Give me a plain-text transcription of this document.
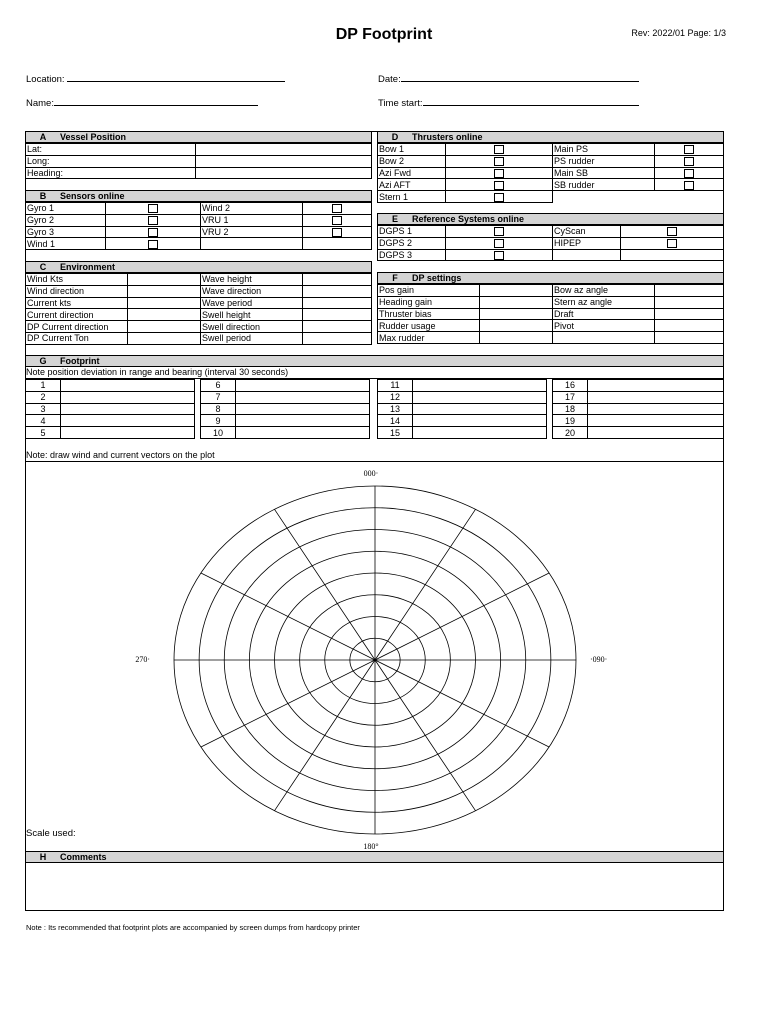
DP Footprint	Rev: 2022/01 Page: 1/3
Location:	Date:
Name:	Time start:
A Vessel Position
Lat:	
Long:	
Heading:	
B Sensors online
Gyro 1		Wind 2	
Gyro 2		VRU 1	
Gyro 3		VRU 2	
Wind 1			
C Environment
Wind Kts		Wave height	
Wind direction		Wave direction	
Current kts		Wave period	
Current direction		Swell height	
DP Current direction		Swell direction	
DP Current Ton		Swell period	
D Thrusters online
Bow 1		Main PS	
Bow 2		PS rudder	
Azi Fwd		Main SB	
Azi AFT		SB rudder	
Stern 1			
E Reference Systems online
DGPS 1		CyScan	
DGPS 2		HIPEP	
DGPS 3			
F DP settings
Pos gain		Bow az angle	
Heading gain		Stern az angle	
Thruster bias		Draft	
Rudder usage		Pivot	
Max rudder			
G Footprint
Note position deviation in range and bearing (interval 30 seconds)
1	
2	
3	
4	
5	
6	
7	
8	
9	
10	
11	
12	
13	
14	
15	
16	
17	
18	
19	
20	
Note: draw wind and current vectors on the plot
000·
·090·
180°
270·
Scale used:
H Comments
Note : Its recommended that footprint plots are accompanied by screen dumps from hardcopy printer
